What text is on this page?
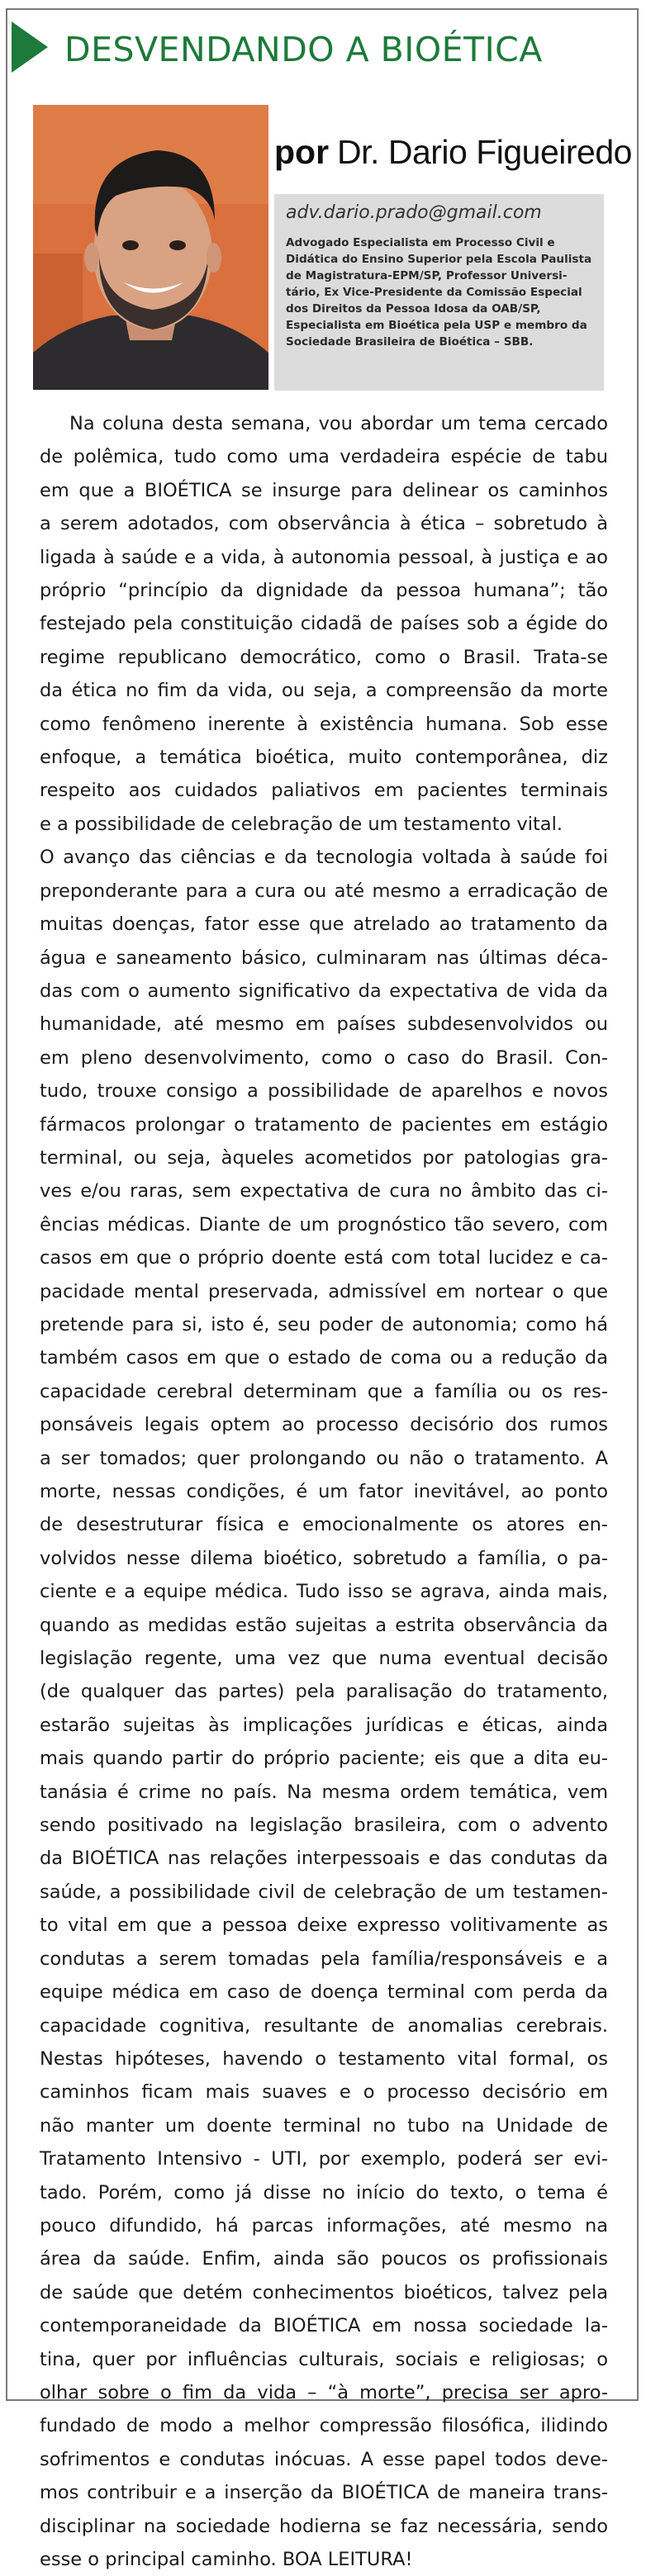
DESVENDANDO A BIOÉTICA
por Dr. Dario Figueiredo
adv.dario.prado@gmail.com
Advogado Especialista em Processo Civil e
Didática do Ensino Superior pela Escola Paulista
de Magistratura-EPM/SP, Professor Universi-
tário, Ex Vice-Presidente da Comissão Especial
dos Direitos da Pessoa Idosa da OAB/SP,
Especialista em Bioética pela USP e membro da
Sociedade Brasileira de Bioética – SBB.
Na coluna desta semana, vou abordar um tema cercado
de polêmica, tudo como uma verdadeira espécie de tabu
em que a BIOÉTICA se insurge para delinear os caminhos
a serem adotados, com observância à ética – sobretudo à
ligada à saúde e a vida, à autonomia pessoal, à justiça e ao
próprio “princípio da dignidade da pessoa humana”; tão
festejado pela constituição cidadã de países sob a égide do
regime republicano democrático, como o Brasil. Trata-se
da ética no fim da vida, ou seja, a compreensão da morte
como fenômeno inerente à existência humana. Sob esse
enfoque, a temática bioética, muito contemporânea, diz
respeito aos cuidados paliativos em pacientes terminais
e a possibilidade de celebração de um testamento vital.
O avanço das ciências e da tecnologia voltada à saúde foi
preponderante para a cura ou até mesmo a erradicação de
muitas doenças, fator esse que atrelado ao tratamento da
água e saneamento básico, culminaram nas últimas déca-
das com o aumento significativo da expectativa de vida da
humanidade, até mesmo em países subdesenvolvidos ou
em pleno desenvolvimento, como o caso do Brasil. Con-
tudo, trouxe consigo a possibilidade de aparelhos e novos
fármacos prolongar o tratamento de pacientes em estágio
terminal, ou seja, àqueles acometidos por patologias gra-
ves e/ou raras, sem expectativa de cura no âmbito das ci-
ências médicas. Diante de um prognóstico tão severo, com
casos em que o próprio doente está com total lucidez e ca-
pacidade mental preservada, admissível em nortear o que
pretende para si, isto é, seu poder de autonomia; como há
também casos em que o estado de coma ou a redução da
capacidade cerebral determinam que a família ou os res-
ponsáveis legais optem ao processo decisório dos rumos
a ser tomados; quer prolongando ou não o tratamento. A
morte, nessas condições, é um fator inevitável, ao ponto
de desestruturar física e emocionalmente os atores en-
volvidos nesse dilema bioético, sobretudo a família, o pa-
ciente e a equipe médica. Tudo isso se agrava, ainda mais,
quando as medidas estão sujeitas a estrita observância da
legislação regente, uma vez que numa eventual decisão
(de qualquer das partes) pela paralisação do tratamento,
estarão sujeitas às implicações jurídicas e éticas, ainda
mais quando partir do próprio paciente; eis que a dita eu-
tanásia é crime no país. Na mesma ordem temática, vem
sendo positivado na legislação brasileira, com o advento
da BIOÉTICA nas relações interpessoais e das condutas da
saúde, a possibilidade civil de celebração de um testamen-
to vital em que a pessoa deixe expresso volitivamente as
condutas a serem tomadas pela família/responsáveis e a
equipe médica em caso de doença terminal com perda da
capacidade cognitiva, resultante de anomalias cerebrais.
Nestas hipóteses, havendo o testamento vital formal, os
caminhos ficam mais suaves e o processo decisório em
não manter um doente terminal no tubo na Unidade de
Tratamento Intensivo - UTI, por exemplo, poderá ser evi-
tado. Porém, como já disse no início do texto, o tema é
pouco difundido, há parcas informações, até mesmo na
área da saúde. Enfim, ainda são poucos os profissionais
de saúde que detém conhecimentos bioéticos, talvez pela
contemporaneidade da BIOÉTICA em nossa sociedade la-
tina, quer por influências culturais, sociais e religiosas; o
olhar sobre o fim da vida – “à morte”, precisa ser apro-
fundado de modo a melhor compressão filosófica, ilidindo
sofrimentos e condutas inócuas. A esse papel todos deve-
mos contribuir e a inserção da BIOÉTICA de maneira trans-
disciplinar na sociedade hodierna se faz necessária, sendo
esse o principal caminho. BOA LEITURA!
